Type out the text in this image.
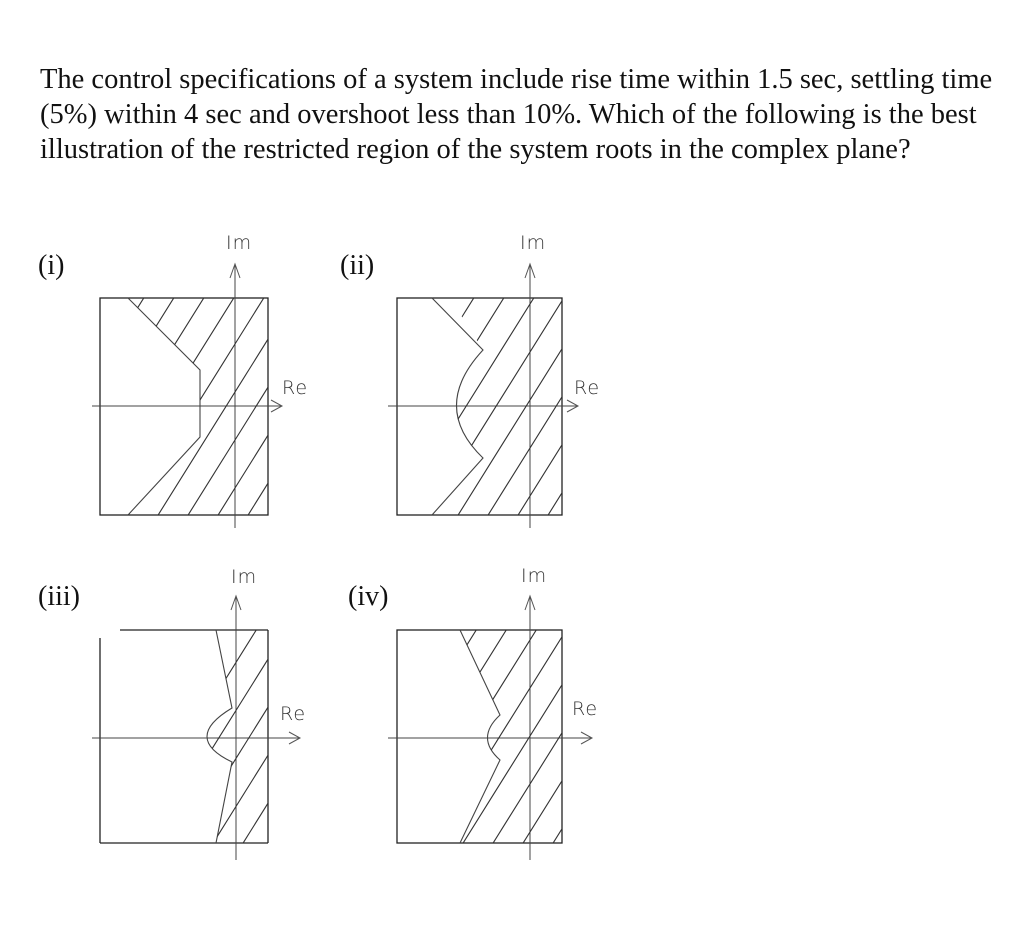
The control specifications of a system include rise time within 1.5 sec, settling time (5%) within 4 sec and overshoot less than 10%. Which of the following is the best illustration of the restricted region of the system roots in the complex plane?

(i)	(ii)

(iii)	(iv)

Im
Re
Im
Re
Im
Re
Im
Re
